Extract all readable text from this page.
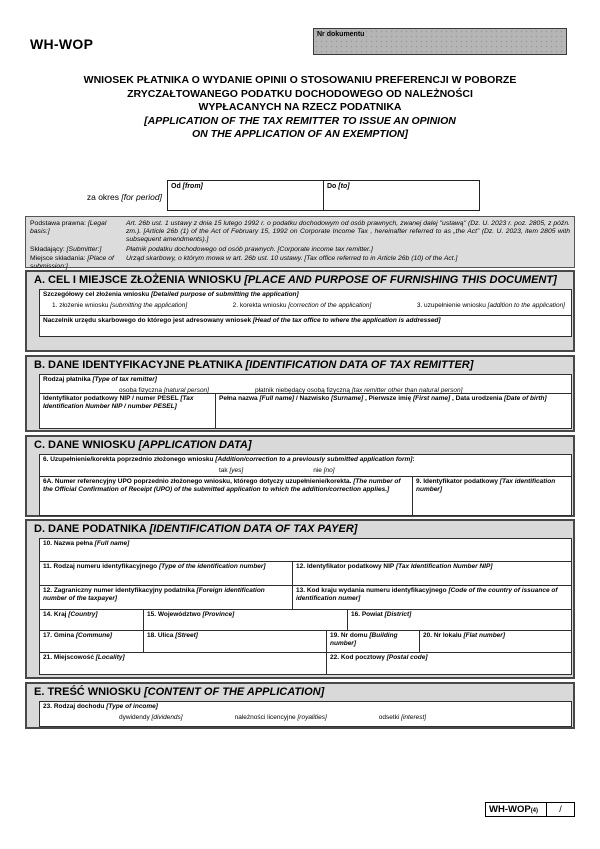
WH-WOP
Nr dokumentu
WNIOSEK PŁATNIKA O WYDANIE OPINII O STOSOWANIU PREFERENCJI W POBORZE
ZRYCZAŁTOWANEGO PODATKU DOCHODOWEGO OD NALEŻNOŚCI
WYPŁACANYCH NA RZECZ PODATNIKA
[APPLICATION OF THE TAX REMITTER TO ISSUE AN OPINION
ON THE APPLICATION OF AN EXEMPTION]
za okres [for period]
Od [from]	Do [to]
Podstawa prawna: [Legal basis:]
Art. 26b ust. 1 ustawy z dnia 15 lutego 1992 r. o podatku dochodowym od osób prawnych, zwanej dalej "ustawą" (Dz. U. 2023 r. poz. 2805, z późn. zm.). [Article 26b (1) of the Act of February 15, 1992 on Corporate Income Tax , hereinafter referred to as „the Act” (Dz. U. 2023, item 2805 with subsequent amendments).]
Składający: [Submitter:]	Płatnik podatku dochodowego od osób prawnych. [Corporate income tax remitter.]
Miejsce składania: [Place of submission:]
Urząd skarbowy, o którym mowa w art. 26b ust. 10 ustawy. [Tax office referred to in Article 26b (10) of the Act.]
A. CEL I MIEJSCE ZŁOŻENIA WNIOSKU [PLACE AND PURPOSE OF FURNISHING THIS DOCUMENT]
Szczegółowy cel złożenia wniosku [Detailed purpose of submitting the application]
1. złożenie wniosku [submitting the application]	2. korekta wniosku [correction of the application]	3. uzupełnienie wniosku [addition to the application]
Naczelnik urzędu skarbowego do którego jest adresowany wniosek [Head of the tax office to where the application is addressed]
B. DANE IDENTYFIKACYJNE PŁATNIKA [IDENTIFICATION DATA OF TAX REMITTER]
Rodzaj płatnika [Type of tax remitter]
osoba fizyczna [natural person]	płatnik niebędący osobą fizyczną [tax remitter other than natural person]
Identyfikator podatkowy NIP / numer PESEL [Tax Identification Number NIP / number PESEL]
Pełna nazwa [Full name] / Nazwisko [Surname] , Pierwsze imię [First name] , Data urodzenia [Date of birth]
C. DANE WNIOSKU [APPLICATION DATA]
6. Uzupełnienie/korekta poprzednio złożonego wniosku [Addition/correction to a previously submitted application form]:
tak [yes]	nie [no]
6A. Numer referencyjny UPO poprzednio złożonego wniosku, którego dotyczy uzupełnienie/korekta. [The number of the Official Confirmation of Receipt (UPO) of the submitted application to which the addition/correction applies.]
9. Identyfikator podatkowy [Tax identification number]
D. DANE PODATNIKA [IDENTIFICATION DATA OF TAX PAYER]
10. Nazwa pełna [Full name]
11. Rodzaj numeru identyfikacyjnego [Type of the identification number]	12. Identyfikator podatkowy NIP [Tax Identification Number NIP]
12. Zagraniczny numer identyfikacyjny podatnika [Foreign identification number of the taxpayer]
13. Kod kraju wydania numeru identyfikacyjnego [Code of the country of issuance of identification numer]
14. Kraj [Country]	15. Województwo [Province]	16. Powiat [District]
17. Gmina [Commune]	18. Ulica [Street]	19. Nr domu [Building number]
20. Nr lokalu [Flat number]
21. Miejscowość [Locality]	22. Kod pocztowy [Postal code]
E. TREŚĆ WNIOSKU [CONTENT OF THE APPLICATION]
23. Rodzaj dochodu [Type of income]
dywidendy [dividends]	należności licencyjne [royalities]	odsetki [interest]
WH-WOP(4)	/
